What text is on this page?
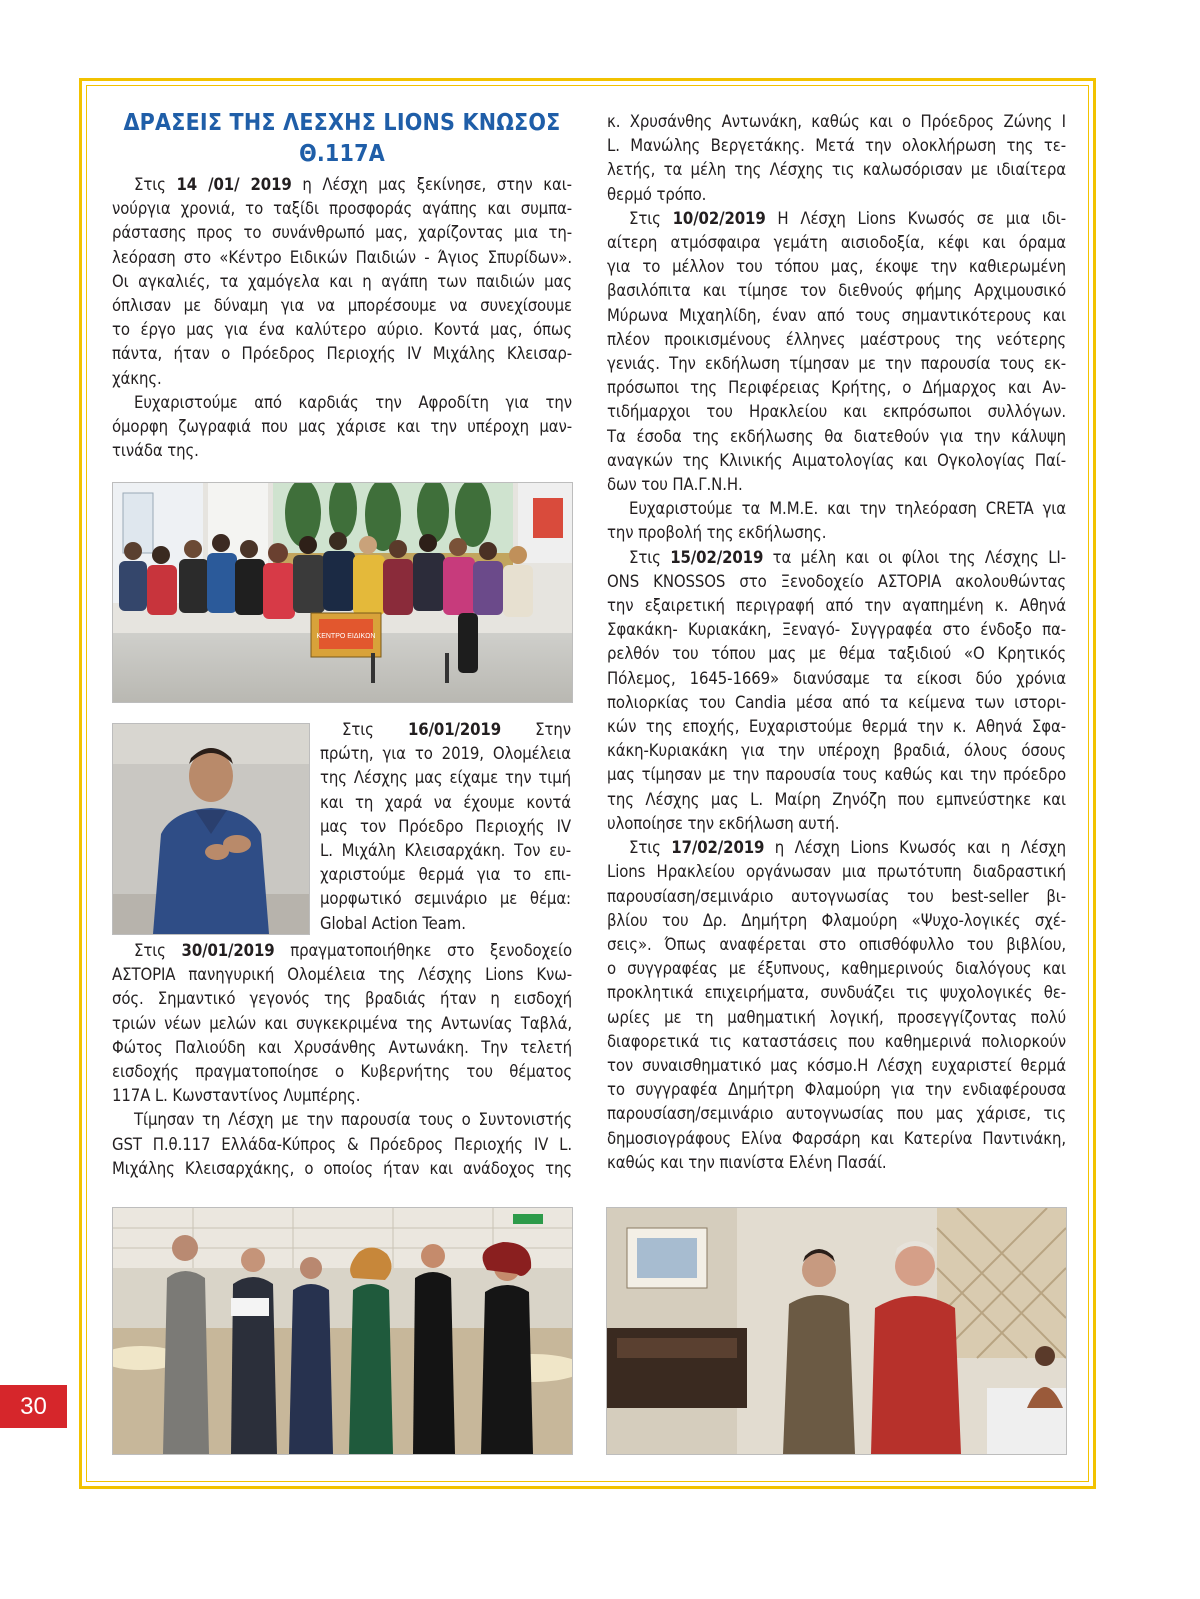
ΔΡΑΣΕΙΣ ΤΗΣ ΛΕΣΧΗΣ LIONS ΚΝΩΣΟΣ
Θ.117Α
Στις 14 /01/ 2019 η Λέσχη μας ξεκίνησε, στην και-
νούργια χρονιά, το ταξίδι προσφοράς αγάπης και συμπα-
ράστασης προς το συνάνθρωπό μας, χαρίζοντας μια τη-
λεόραση στο «Κέντρο Ειδικών Παιδιών - Άγιος Σπυρίδων».
Οι αγκαλιές, τα χαμόγελα και η αγάπη των παιδιών μας
όπλισαν με δύναμη για να μπορέσουμε να συνεχίσουμε
το έργο μας για ένα καλύτερο αύριο. Κοντά μας, όπως
πάντα, ήταν ο Πρόεδρος Περιοχής IV Μιχάλης Κλεισαρ-
χάκης.
Ευχαριστούμε από καρδιάς την Αφροδίτη για την
όμορφη ζωγραφιά που μας χάρισε και την υπέροχη μαν-
τινάδα της.
ΚΕΝΤΡΟ ΕΙΔΙΚΩΝ
Στις 16/01/2019 Στην
πρώτη, για το 2019, Ολομέλεια
της Λέσχης μας είχαμε την τιμή
και τη χαρά να έχουμε κοντά
μας τον Πρόεδρο Περιοχής IV
L. Μιχάλη Κλεισαρχάκη. Τον ευ-
χαριστούμε θερμά για το επι-
μορφωτικό σεμινάριο με θέμα:
Global Action Team.
Στις 30/01/2019 πραγματοποιήθηκε στο ξενοδοχείο
ΑΣΤΟΡΙΑ πανηγυρική Ολομέλεια της Λέσχης Lions Κνω-
σός. Σημαντικό γεγονός της βραδιάς ήταν η εισδοχή
τριών νέων μελών και συγκεκριμένα της Αντωνίας Ταβλά,
Φώτος Παλιούδη και Χρυσάνθης Αντωνάκη. Την τελετή
εισδοχής πραγματοποίησε ο Κυβερνήτης του θέματος
117Α L. Κωνσταντίνος Λυμπέρης.
Τίμησαν τη Λέσχη με την παρουσία τους ο Συντονιστής
GST Π.θ.117 Ελλάδα-Κύπρος & Πρόεδρος Περιοχής IV L.
Μιχάλης Κλεισαρχάκης, ο οποίος ήταν και ανάδοχος της
κ. Χρυσάνθης Αντωνάκη, καθώς και ο Πρόεδρος Ζώνης Ι
L. Μανώλης Βεργετάκης. Μετά την ολοκλήρωση της τε-
λετής, τα μέλη της Λέσχης τις καλωσόρισαν με ιδιαίτερα
θερμό τρόπο.
Στις 10/02/2019 Η Λέσχη Lions Κνωσός σε μια ιδι-
αίτερη ατμόσφαιρα γεμάτη αισιοδοξία, κέφι και όραμα
για το μέλλον του τόπου μας, έκοψε την καθιερωμένη
βασιλόπιτα και τίμησε τον διεθνούς φήμης Αρχιμουσικό
Μύρωνα Μιχαηλίδη, έναν από τους σημαντικότερους και
πλέον προικισμένους έλληνες μαέστρους της νεότερης
γενιάς. Την εκδήλωση τίμησαν με την παρουσία τους εκ-
πρόσωποι της Περιφέρειας Κρήτης, ο Δήμαρχος και Αν-
τιδήμαρχοι του Ηρακλείου και εκπρόσωποι συλλόγων.
Τα έσοδα της εκδήλωσης θα διατεθούν για την κάλυψη
αναγκών της Κλινικής Αιματολογίας και Ογκολογίας Παί-
δων του ΠΑ.Γ.Ν.Η.
Ευχαριστούμε τα Μ.Μ.Ε. και την τηλεόραση CRETA για
την προβολή της εκδήλωσης.
Στις 15/02/2019 τα μέλη και οι φίλοι της Λέσχης LI-
ONS KNOSSOS στο Ξενοδοχείο ΑΣΤΟΡΙΑ ακολουθώντας
την εξαιρετική περιγραφή από την αγαπημένη κ. Αθηνά
Σφακάκη- Κυριακάκη, Ξεναγό- Συγγραφέα στο ένδοξο πα-
ρελθόν του τόπου μας με θέμα ταξιδιού «Ο Κρητικός
Πόλεμος, 1645-1669» διανύσαμε τα είκοσι δύο χρόνια
πολιορκίας του Candia μέσα από τα κείμενα των ιστορι-
κών της εποχής, Ευχαριστούμε θερμά την κ. Αθηνά Σφα-
κάκη-Κυριακάκη για την υπέροχη βραδιά, όλους όσους
μας τίμησαν με την παρουσία τους καθώς και την πρόεδρο
της Λέσχης μας L. Μαίρη Ζηνόζη που εμπνεύστηκε και
υλοποίησε την εκδήλωση αυτή.
Στις 17/02/2019 η Λέσχη Lions Κνωσός και η Λέσχη
Lions Ηρακλείου οργάνωσαν μια πρωτότυπη διαδραστική
παρουσίαση/σεμινάριο αυτογνωσίας του best-seller βι-
βλίου του Δρ. Δημήτρη Φλαμούρη «Ψυχο-λογικές σχέ-
σεις». Όπως αναφέρεται στο οπισθόφυλλο του βιβλίου,
ο συγγραφέας με έξυπνους, καθημερινούς διαλόγους και
προκλητικά επιχειρήματα, συνδυάζει τις ψυχολογικές θε-
ωρίες με τη μαθηματική λογική, προσεγγίζοντας πολύ
διαφορετικά τις καταστάσεις που καθημερινά πολιορκούν
τον συναισθηματικό μας κόσμο.Η Λέσχη ευχαριστεί θερμά
το συγγραφέα Δημήτρη Φλαμούρη για την ενδιαφέρουσα
παρουσίαση/σεμινάριο αυτογνωσίας που μας χάρισε, τις
δημοσιογράφους Ελίνα Φαρσάρη και Κατερίνα Παντινάκη,
καθώς και την πιανίστα Ελένη Πασάί.
30
